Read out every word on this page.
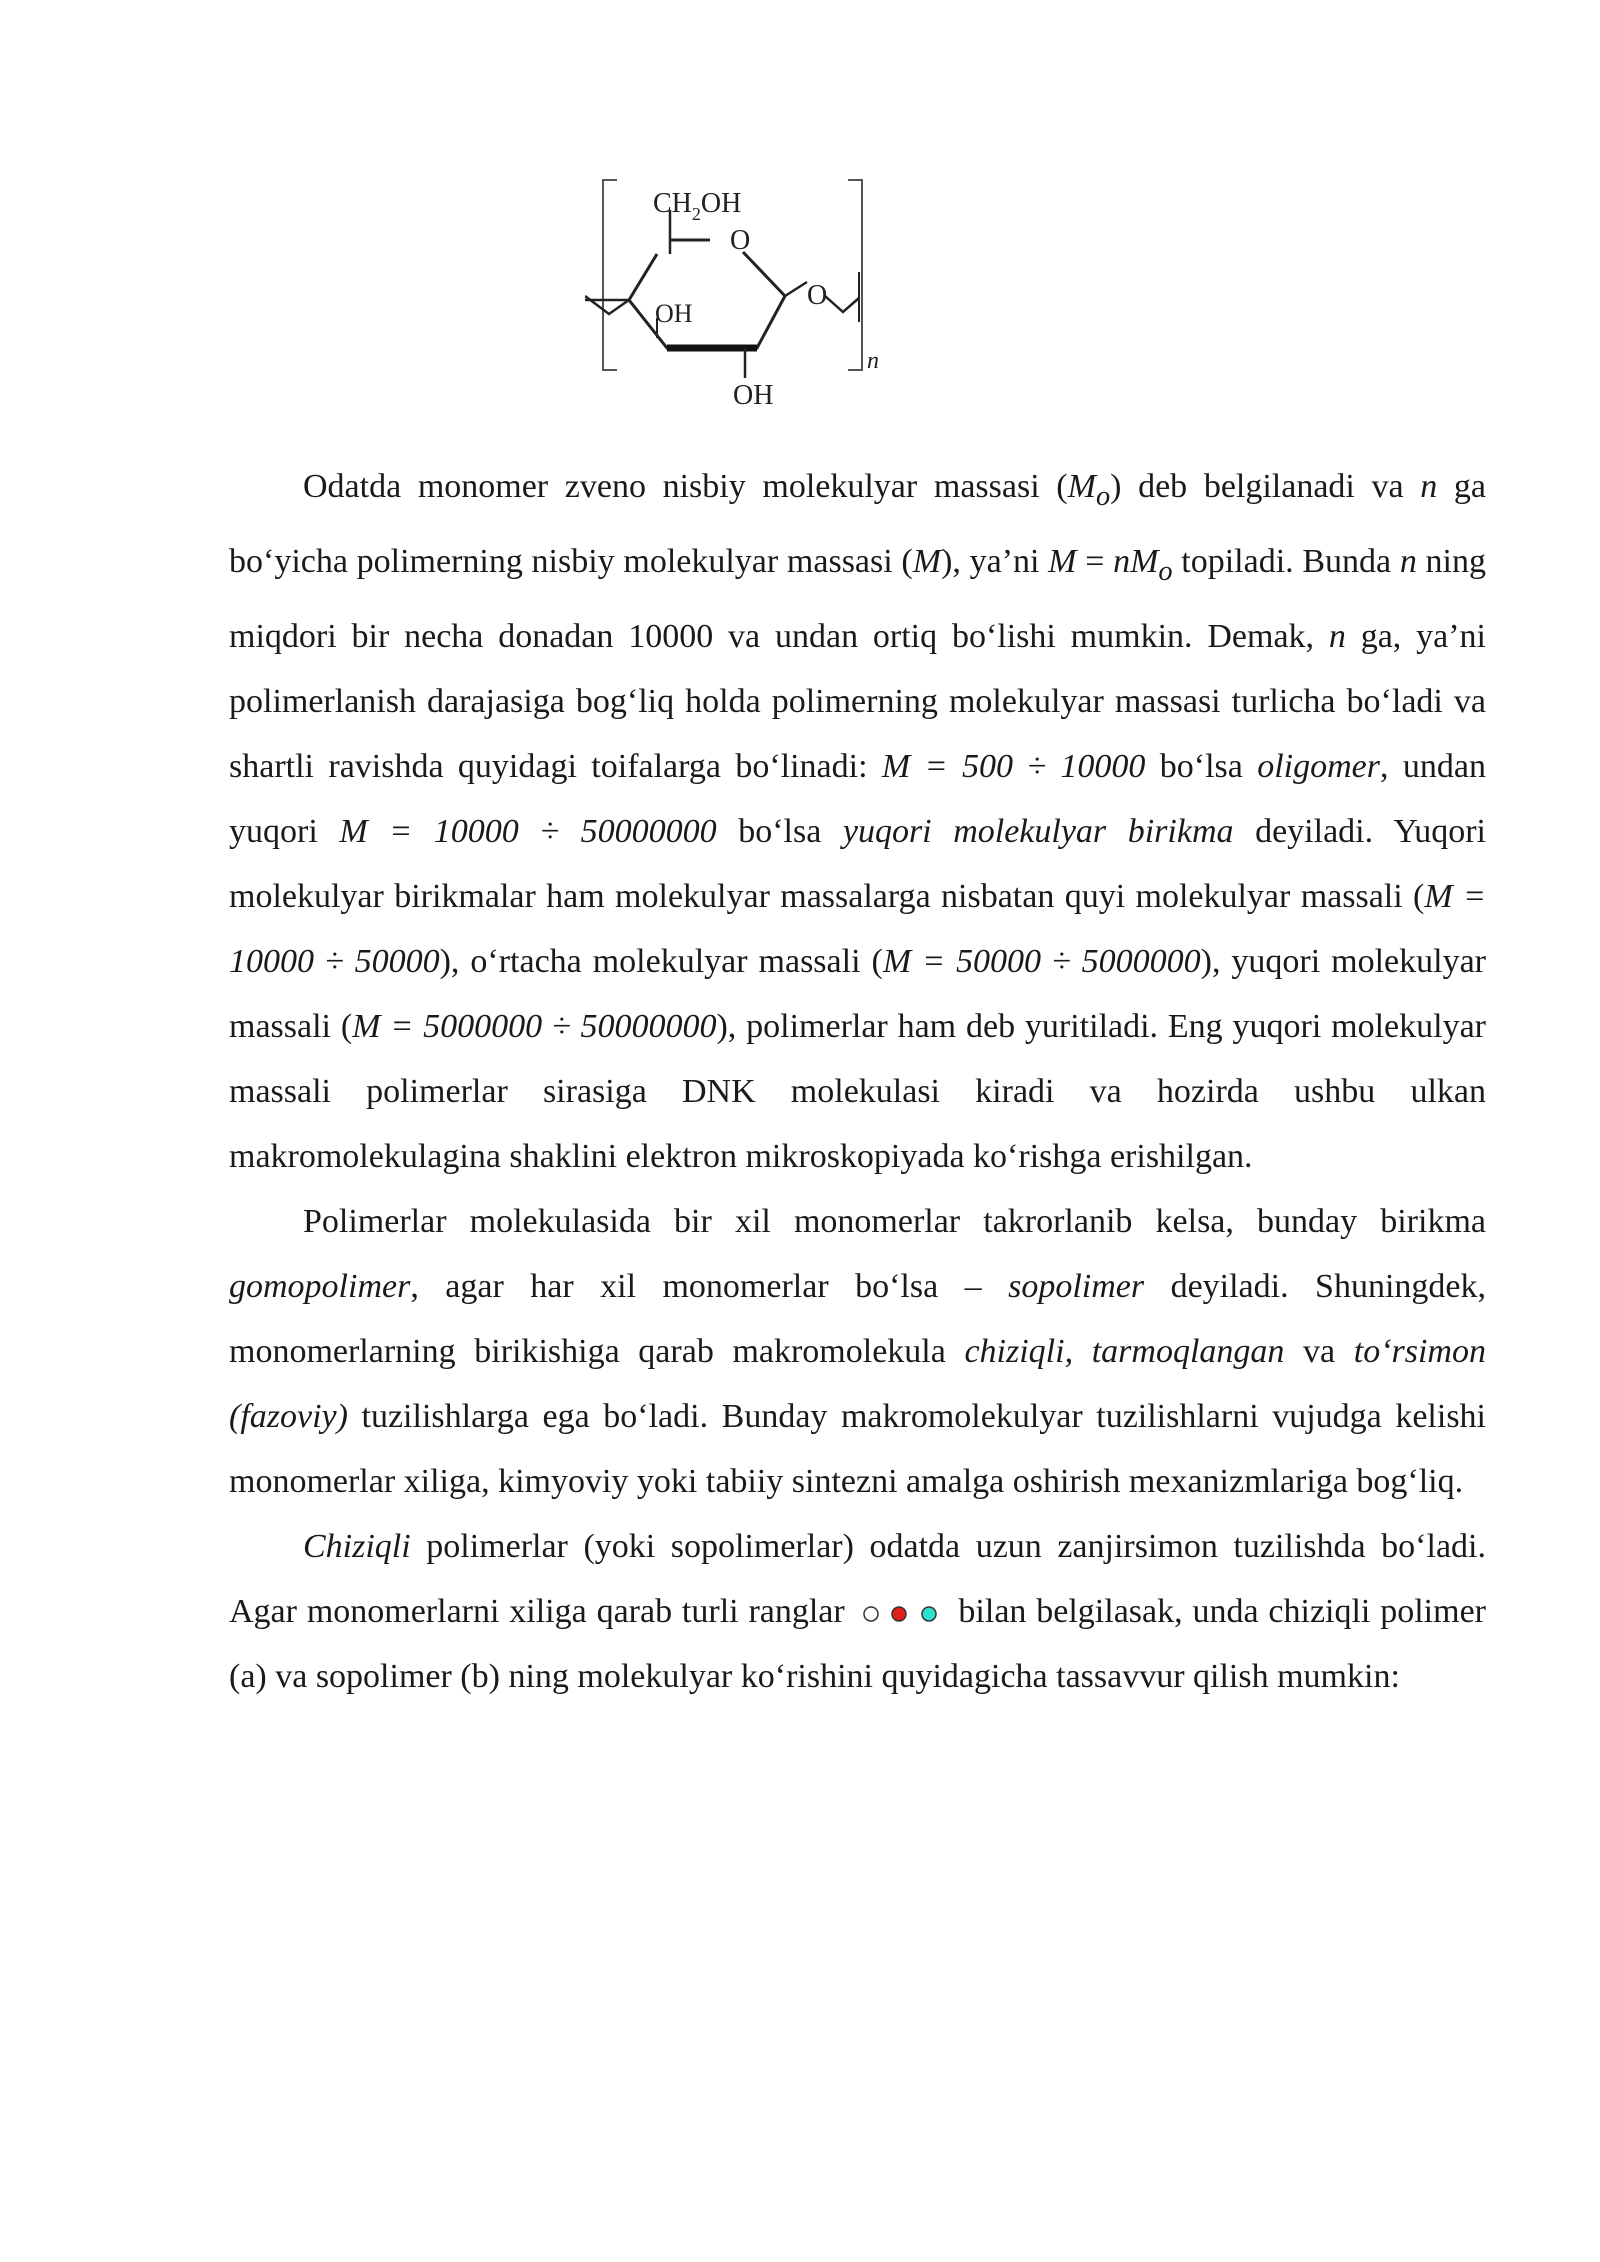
$CH_2OH$
O
O
OH
OH
n

Odatda monomer zveno nisbiy molekulyar massasi $(M_o)$ deb belgilanadi va n ga bo‘yicha polimerning nisbiy molekulyar massasi (M), ya’ni $M = nM_o$ topiladi. Bunda n ning miqdori bir necha donadan 10000 va undan ortiq bo‘lishi mumkin. Demak, n ga, ya’ni polimerlanish darajasiga bog‘liq holda polimerning molekulyar massasi turlicha bo‘ladi va shartli ravishda quyidagi toifalarga bo‘linadi: M = 500 ÷ 10000 bo‘lsa oligomer, undan yuqori M = 10000 ÷ 50000000 bo‘lsa yuqori molekulyar birikma deyiladi. Yuqori molekulyar birikmalar ham molekulyar massalarga nisbatan quyi molekulyar massali (M = 10000 ÷ 50000), o‘rtacha molekulyar massali (M = 50000 ÷ 5000000), yuqori molekulyar massali (M = 5000000 ÷ 50000000), polimerlar ham deb yuritiladi. Eng yuqori molekulyar massali polimerlar sirasiga DNK molekulasi kiradi va hozirda ushbu ulkan makromolekulagina shaklini elektron mikroskopiyada ko‘rishga erishilgan.

Polimerlar molekulasida bir xil monomerlar takrorlanib kelsa, bunday birikma gomopolimer, agar har xil monomerlar bo‘lsa – sopolimer deyiladi. Shuningdek, monomerlarning birikishiga qarab makromolekula chiziqli, tarmoqlangan va to‘rsimon (fazoviy) tuzilishlarga ega bo‘ladi. Bunday makromolekulyar tuzilishlarni vujudga kelishi monomerlar xiliga, kimyoviy yoki tabiiy sintezni amalga oshirish mexanizmlariga bog‘liq.

Chiziqli polimerlar (yoki sopolimerlar) odatda uzun zanjirsimon tuzilishda bo‘ladi. Agar monomerlarni xiliga qarab turli ranglar	bilan belgilasak, unda chiziqli polimer (a) va sopolimer (b) ning molekulyar ko‘rishini quyidagicha tassavvur qilish mumkin:
